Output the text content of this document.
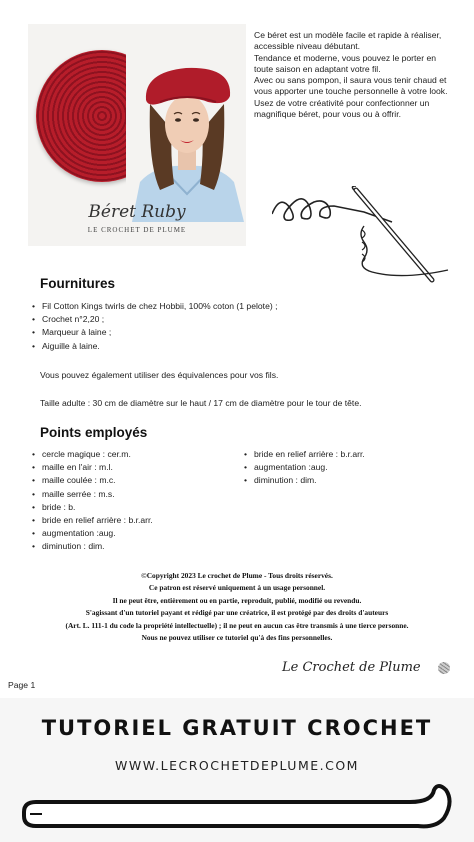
Béret Ruby
LE CROCHET DE PLUME

Ce béret est un modèle facile et rapide à réaliser, accessible niveau débutant.

Tendance et moderne, vous pouvez le porter en toute saison en adaptant votre fil.

Avec ou sans pompon, il saura vous tenir chaud et vous apporter une touche personnelle à votre look.

Usez de votre créativité pour confectionner un magnifique béret, pour vous ou à offrir.

Fournitures
• Fil Cotton Kings twirls de chez Hobbii, 100% coton (1 pelote) ;
• Crochet n°2,20 ;
• Marqueur à laine ;
• Aiguille à laine.
Vous pouvez également utiliser des équivalences pour vos fils.
Taille adulte : 30 cm de diamètre sur le haut / 17 cm de diamètre pour le tour de tête.
Points employés
• cercle magique : cer.m.
• maille en l'air : m.l.
• maille coulée : m.c.
• maille serrée : m.s.
• bride : b.
• bride en relief arrière : b.r.arr.
• augmentation :aug.
• diminution : dim.
• bride en relief arrière : b.r.arr.
• augmentation :aug.
• diminution : dim.
©Copyright 2023 Le crochet de Plume - Tous droits réservés.
Ce patron est réservé uniquement à un usage personnel.
Il ne peut être, entièrement ou en partie, reproduit, publié, modifié ou revendu.
S'agissant d'un tutoriel payant et rédigé par une créatrice, il est protégé par des droits d'auteurs
(Art. L. 111-1 du code la propriété intellectuelle) ; il ne peut en aucun cas être transmis à une tierce personne.
Nous ne pouvez utiliser ce tutoriel qu'à des fins personnelles.
Le Crochet de Plume
Page 1
TUTORIEL GRATUIT CROCHET
WWW.LECROCHETDEPLUME.COM
